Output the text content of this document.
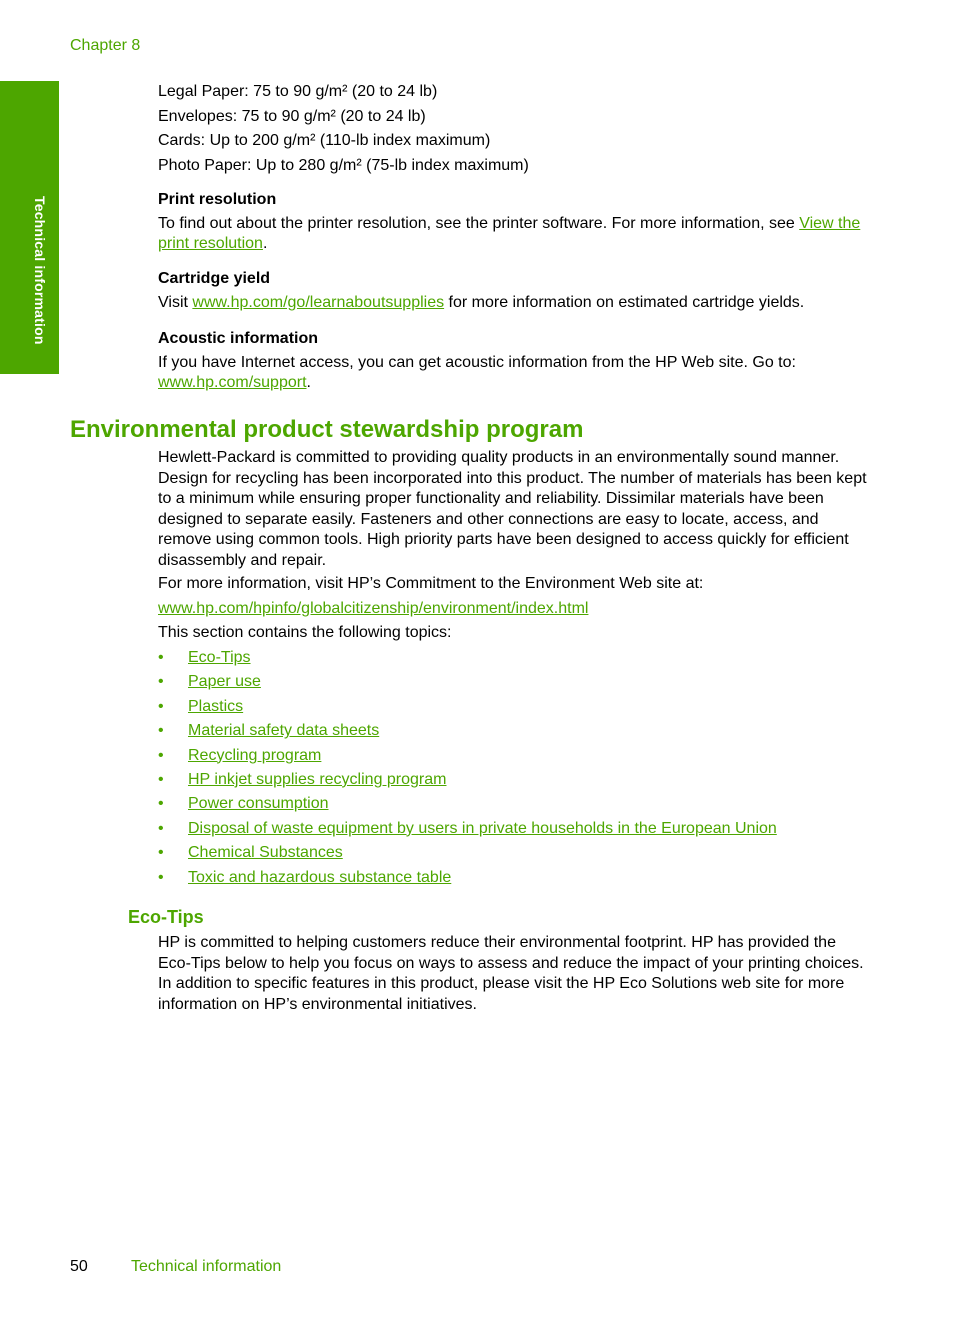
Chapter 8
Technical information

Legal Paper: 75 to 90 g/m² (20 to 24 lb)

Envelopes: 75 to 90 g/m² (20 to 24 lb)

Cards: Up to 200 g/m² (110-lb index maximum)

Photo Paper: Up to 280 g/m² (75-lb index maximum)

Print resolution

To find out about the printer resolution, see the printer software. For more information, see View the print resolution.

Cartridge yield

Visit www.hp.com/go/learnaboutsupplies for more information on estimated cartridge yields.

Acoustic information

If you have Internet access, you can get acoustic information from the HP Web site. Go to: www.hp.com/support.

Environmental product stewardship program

Hewlett-Packard is committed to providing quality products in an environmentally sound manner. Design for recycling has been incorporated into this product. The number of materials has been kept to a minimum while ensuring proper functionality and reliability. Dissimilar materials have been designed to separate easily. Fasteners and other connections are easy to locate, access, and remove using common tools. High priority parts have been designed to access quickly for efficient disassembly and repair.

For more information, visit HP’s Commitment to the Environment Web site at:

www.hp.com/hpinfo/globalcitizenship/environment/index.html

This section contains the following topics:

• Eco-Tips
• Paper use
• Plastics
• Material safety data sheets
• Recycling program
• HP inkjet supplies recycling program
• Power consumption
• Disposal of waste equipment by users in private households in the European Union
• Chemical Substances
• Toxic and hazardous substance table
Eco-Tips

HP is committed to helping customers reduce their environmental footprint. HP has provided the Eco-Tips below to help you focus on ways to assess and reduce the impact of your printing choices. In addition to specific features in this product, please visit the HP Eco Solutions web site for more information on HP’s environmental initiatives.

50	Technical information
